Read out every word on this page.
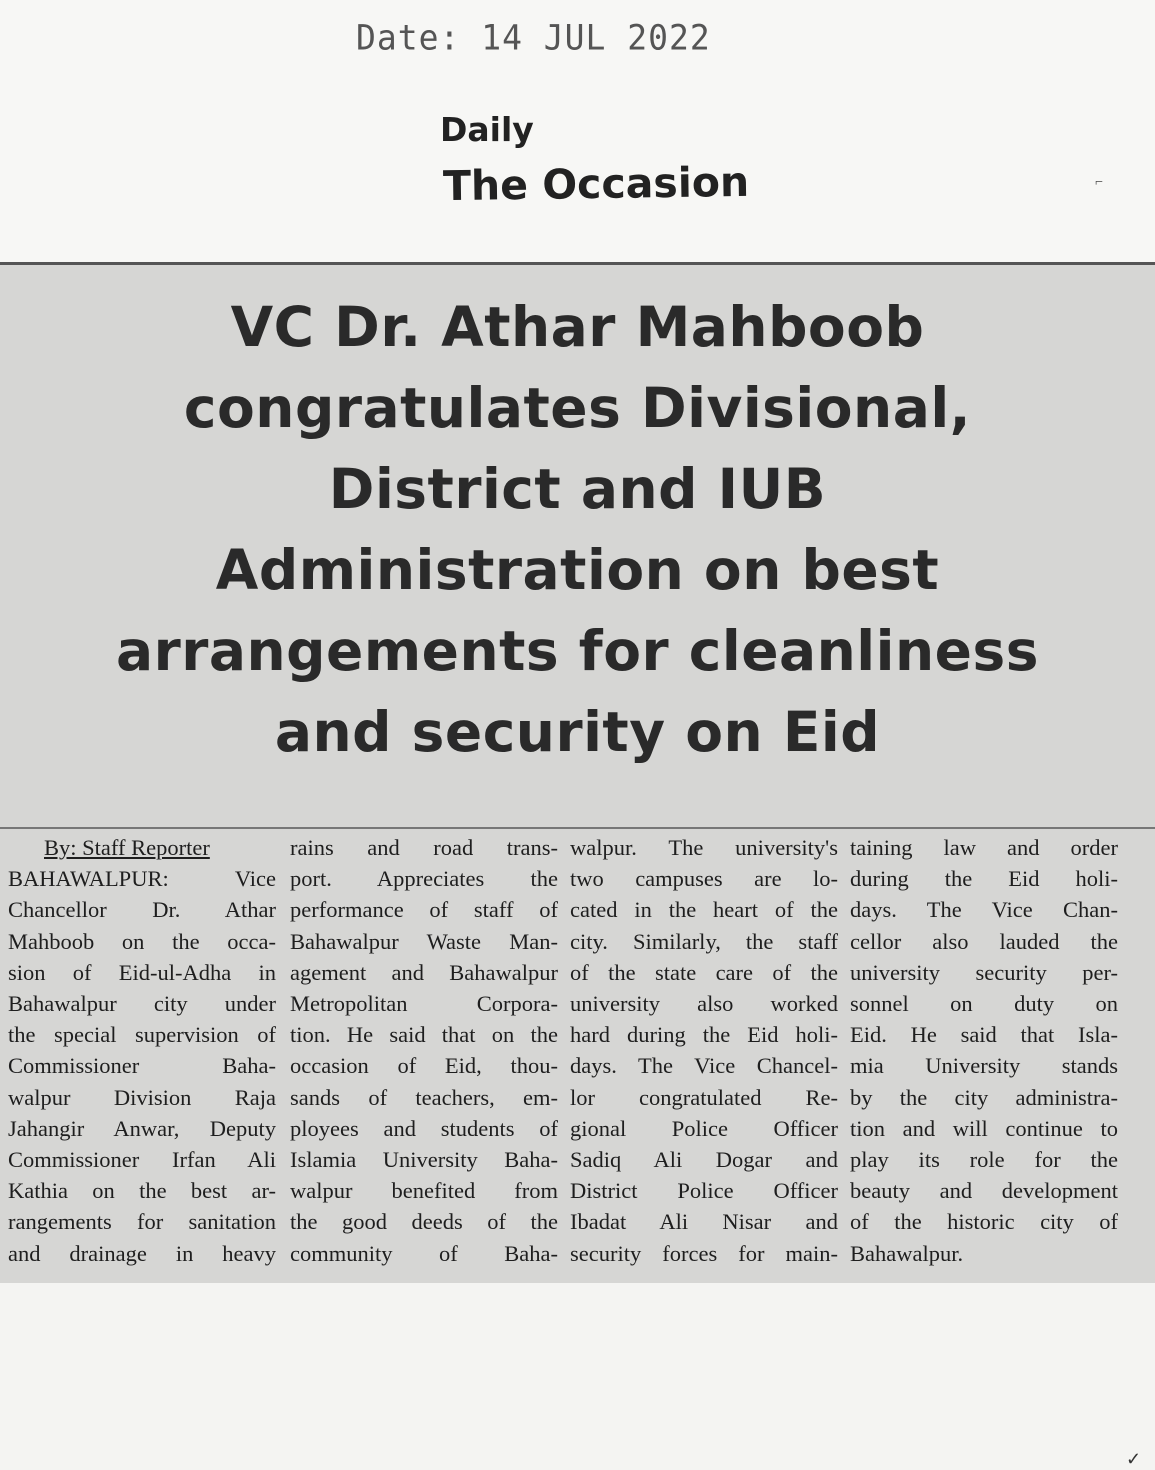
Date: 14 JUL 2022
Daily
The Occasion	⌐
VC Dr. Athar Mahboob
congratulates Divisional,
District and IUB
Administration on best
arrangements for cleanliness
and security on Eid
✓
By: Staff Reporter
BAHAWALPUR: Vice
Chancellor Dr. Athar
Mahboob on the occa-
sion of Eid-ul-Adha in
Bahawalpur city under
the special supervision of
Commissioner Baha-
walpur Division Raja
Jahangir Anwar, Deputy
Commissioner Irfan Ali
Kathia on the best ar-
rangements for sanitation
and drainage in heavy
rains and road trans-
port. Appreciates the
performance of staff of
Bahawalpur Waste Man-
agement and Bahawalpur
Metropolitan Corpora-
tion. He said that on the
occasion of Eid, thou-
sands of teachers, em-
ployees and students of
Islamia University Baha-
walpur benefited from
the good deeds of the
community of Baha-
walpur. The university's
two campuses are lo-
cated in the heart of the
city. Similarly, the staff
of the state care of the
university also worked
hard during the Eid holi-
days. The Vice Chancel-
lor congratulated Re-
gional Police Officer
Sadiq Ali Dogar and
District Police Officer
Ibadat Ali Nisar and
security forces for main-
taining law and order
during the Eid holi-
days. The Vice Chan-
cellor also lauded the
university security per-
sonnel on duty on
Eid. He said that Isla-
mia University stands
by the city administra-
tion and will continue to
play its role for the
beauty and development
of the historic city of
Bahawalpur.
